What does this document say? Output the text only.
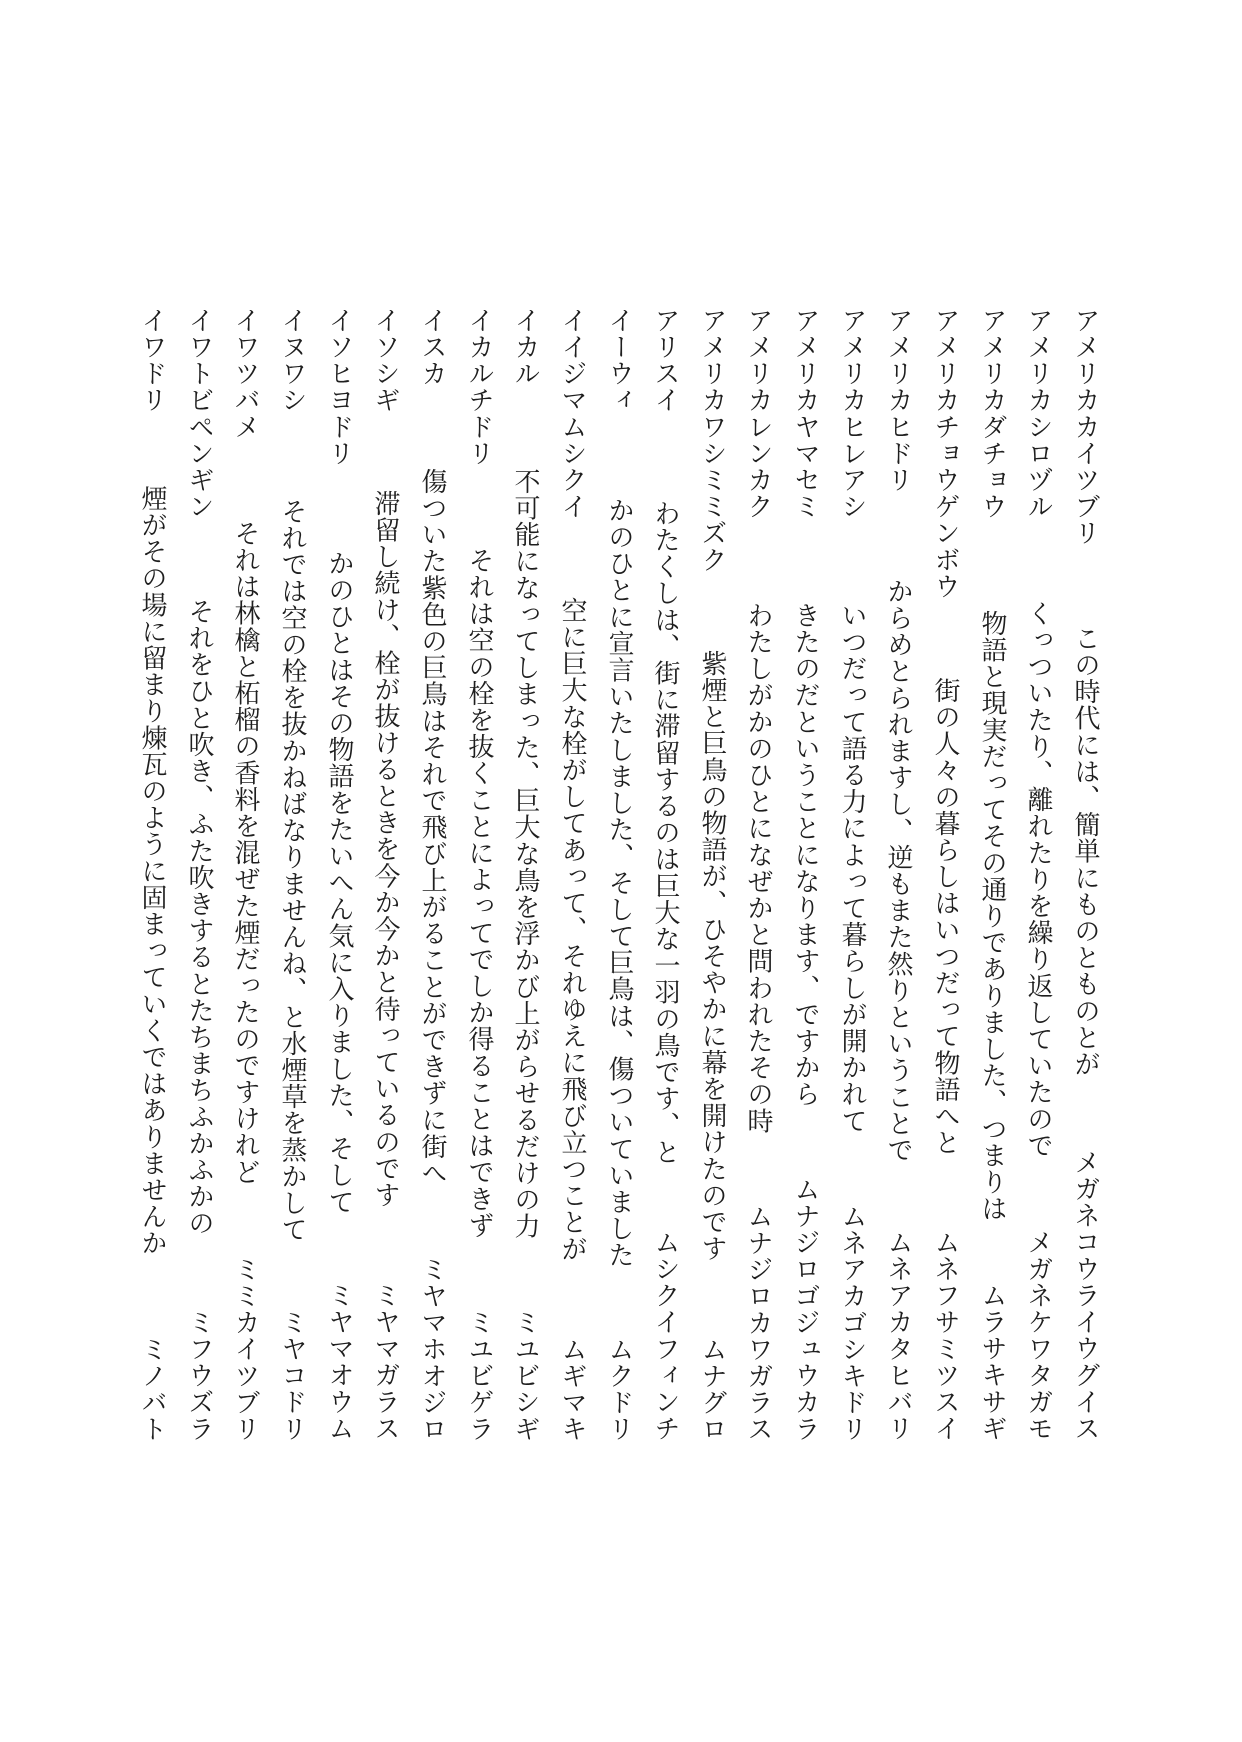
アメリカカイツブリ
この時代には、簡単にものとものとが
メガネコウライウグイス
アメリカシロヅル
くっついたり、離れたりを繰り返していたので
メガネケワタガモ
アメリカダチョウ
物語と現実だってその通りでありました、つまりは
ムラサキサギ
アメリカチョウゲンボウ
街の人々の暮らしはいつだって物語へと
ムネフサミツスイ
アメリカヒドリ
からめとられますし、逆もまた然りということで
ムネアカタヒバリ
アメリカヒレアシ
いつだって語る力によって暮らしが開かれて
ムネアカゴシキドリ
アメリカヤマセミ
きたのだということになります、ですから
ムナジロゴジュウカラ
アメリカレンカク
わたしがかのひとになぜかと問われたその時
ムナジロカワガラス
アメリカワシミミズク
紫煙と巨鳥の物語が、ひそやかに幕を開けたのです
ムナグロ
アリスイ
わたくしは、街に滞留するのは巨大な一羽の鳥です、と
ムシクイフィンチ
イーウィ
かのひとに宣言いたしました、そして巨鳥は、傷ついていました
ムクドリ
イイジマムシクイ
空に巨大な栓がしてあって、それゆえに飛び立つことが
ムギマキ
イカル
不可能になってしまった、巨大な鳥を浮かび上がらせるだけの力
ミユビシギ
イカルチドリ
それは空の栓を抜くことによってでしか得ることはできず
ミユビゲラ
イスカ
傷ついた紫色の巨鳥はそれで飛び上がることができずに街へ
ミヤマホオジロ
イソシギ
滞留し続け、栓が抜けるときを今か今かと待っているのです
ミヤマガラス
イソヒヨドリ
かのひとはその物語をたいへん気に入りました、そして
ミヤマオウム
イヌワシ
それでは空の栓を抜かねばなりませんね、と水煙草を蒸かして
ミヤコドリ
イワツバメ
それは林檎と柘榴の香料を混ぜた煙だったのですけれど
ミミカイツブリ
イワトビペンギン
それをひと吹き、ふた吹きするとたちまちふかふかの
ミフウズラ
イワドリ
煙がその場に留まり煉瓦のように固まっていくではありませんか
ミノバト
